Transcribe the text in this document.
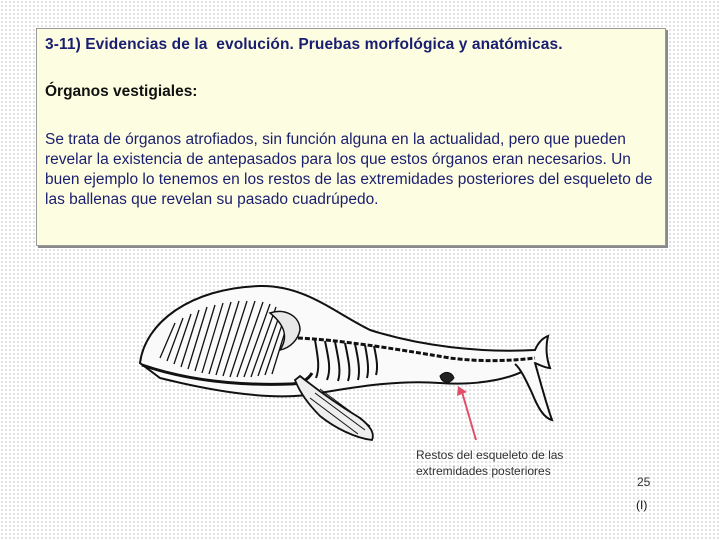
3-11) Evidencias de la  evolución. Pruebas morfológica y anatómicas.
Órganos vestigiales:
Se trata de órganos atrofiados, sin función alguna en la actualidad, pero que pueden revelar la existencia de antepasados para los que estos órganos eran necesarios. Un buen ejemplo lo tenemos en los restos de las extremidades posteriores del esqueleto de las ballenas que revelan su pasado cuadrúpedo.
Restos del esqueleto de las
extremidades posteriores
25
(I)
